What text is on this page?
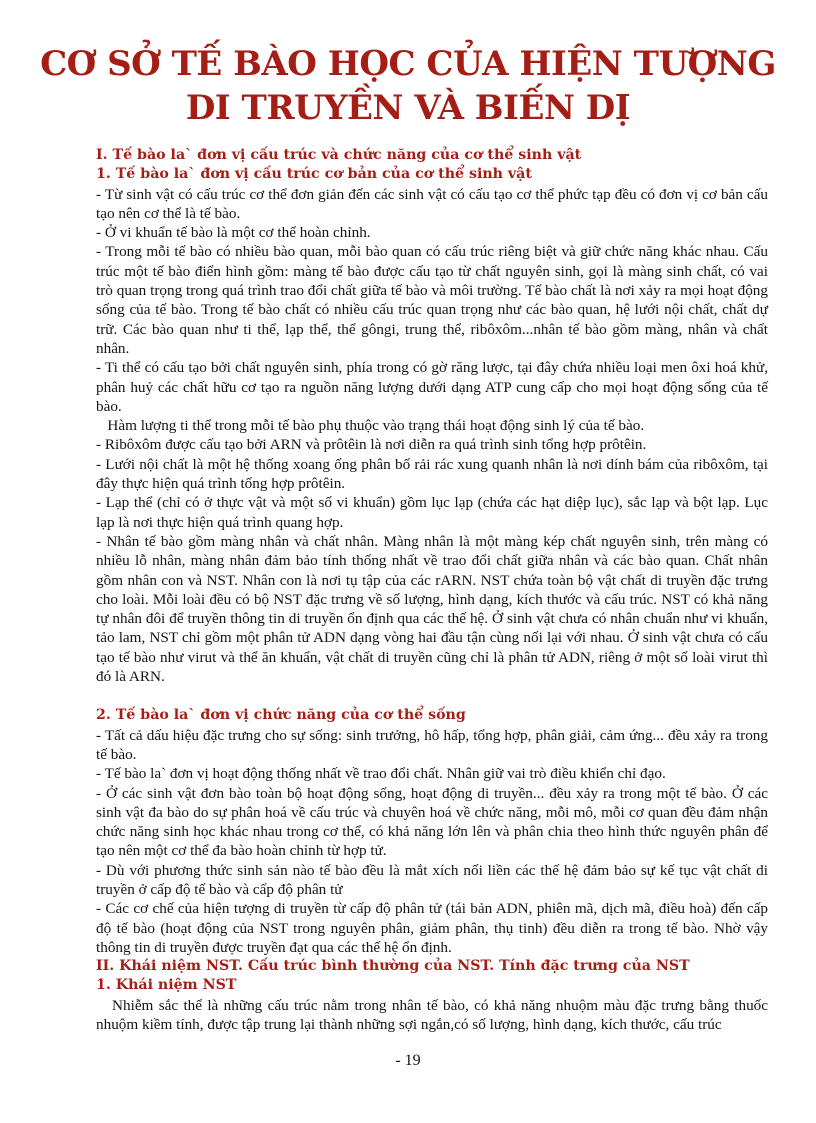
CƠ SỞ TẾ BÀO HỌC CỦA HIỆN TƯỢNG
DI TRUYỀN VÀ BIẾN DỊ
I. Tế bào la` đơn vị cấu trúc và chức năng của cơ thể sinh vật
1. Tế bào la` đơn vị cấu trúc cơ bản của cơ thể sinh vật

- Từ sinh vật có cấu trúc cơ thể đơn giản đến các sinh vật có cấu tạo cơ thể phức tạp đều có đơn vị cơ bản cấu tạo nên cơ thể là tế bào.

- Ở vi khuẩn tế bào là một cơ thể hoàn chỉnh.

- Trong mỗi tế bào có nhiều bào quan, mỗi bào quan có cấu trúc riêng biệt và giữ chức năng khác nhau. Cấu trúc một tế bào điển hình gồm: màng tế bào được cấu tạo từ chất nguyên sinh, gọi là màng sinh chất, có vai trò quan trọng trong quá trình trao đổi chất giữa tế bào và môi trường. Tế bào chất là nơi xảy ra mọi hoạt động sống của tế bào. Trong tế bào chất có nhiều cấu trúc quan trọng như các bào quan, hệ lưới nội chất, chất dự trữ. Các bào quan như ti thể, lạp thể, thể gôngi, trung thể, ribôxôm...nhân tế bào gồm màng, nhân và chất nhân.

- Ti thể có cấu tạo bởi chất nguyên sinh, phía trong có gờ răng lược, tại đây chứa nhiều loại men ôxi hoá khử, phân huỷ các chất hữu cơ tạo ra nguồn năng lượng dưới dạng ATP cung cấp cho mọi hoạt động sống của tế bào.

Hàm lượng ti thể trong mỗi tế bào phụ thuộc vào trạng thái hoạt động sinh lý của tế bào.

- Ribôxôm được cấu tạo bởi ARN và prôtêin là nơi diễn ra quá trình sinh tổng hợp prôtêin.

- Lưới nội chất là một hệ thống xoang ống phân bố rải rác xung quanh nhân là nơi dính bám của ribôxôm, tại đây thực hiện quá trình tổng hợp prôtêin.

- Lạp thể (chỉ có ở thực vật và một số vi khuẩn) gồm lục lạp (chứa các hạt diệp lục), sắc lạp và bột lạp. Lục lạp là nơi thực hiện quá trình quang hợp.

- Nhân tế bào gồm màng nhân và chất nhân. Màng nhân là một màng kép chất nguyên sinh, trên màng có nhiều lỗ nhân, màng nhân đảm bảo tính thống nhất về trao đổi chất giữa nhân và các bào quan. Chất nhân gồm nhân con và NST. Nhân con là nơi tụ tập của các rARN. NST chứa toàn bộ vật chất di truyền đặc trưng cho loài. Mỗi loài đều có bộ NST đặc trưng về số lượng, hình dạng, kích thước và cấu trúc. NST có khả năng tự nhân đôi để truyền thông tin di truyền ổn định qua các thế hệ. Ở sinh vật chưa có nhân chuẩn như vi khuẩn, tảo lam, NST chỉ gồm một phân tử ADN dạng vòng hai đầu tận cùng nối lại với nhau. Ở sinh vật chưa có cấu tạo tế bào như virut và thể ăn khuẩn, vật chất di truyền cũng chỉ là phân tử ADN, riêng ở một số loài virut thì đó là ARN.

2. Tế bào la` đơn vị chức năng của cơ thể sống

- Tất cả dấu hiệu đặc trưng cho sự sống: sinh trưởng, hô hấp, tổng hợp, phân giải, cảm ứng... đều xảy ra trong tế bào.

- Tế bào la` đơn vị hoạt động thống nhất về trao đổi chất. Nhân giữ vai trò điều khiển chỉ đạo.

- Ở các sinh vật đơn bào toàn bộ hoạt động sống, hoạt động di truyền... đều xảy ra trong một tế bào. Ở các sinh vật đa bào do sự phân hoá về cấu trúc và chuyên hoá về chức năng, mỗi mô, mỗi cơ quan đều đảm nhận chức năng sinh học khác nhau trong cơ thể, có khả năng lớn lên và phân chia theo hình thức nguyên phân để tạo nên một cơ thể đa bào hoàn chỉnh từ hợp tử.

- Dù với phương thức sinh sản nào tế bào đều là mắt xích nối liền các thế hệ đảm bảo sự kế tục vật chất di truyền ở cấp độ tế bào và cấp độ phân tử

- Các cơ chế của hiện tượng di truyền từ cấp độ phân tử (tái bản ADN, phiên mã, dịch mã, điều hoà) đến cấp độ tế bào (hoạt động của NST trong nguyên phân, giảm phân, thụ tinh) đều diễn ra trong tế bào. Nhờ vậy thông tin di truyền được truyền đạt qua các thế hệ ổn định.

II. Khái niệm NST. Cấu trúc bình thường của NST. Tính đặc trưng của NST
1. Khái niệm NST

Nhiễm sắc thể là những cấu trúc nằm trong nhân tế bào, có khả năng nhuộm màu đặc trưng bằng thuốc nhuộm kiềm tính, được tập trung lại thành những sợi ngắn,có số lượng, hình dạng, kích thước, cấu trúc

- 19
